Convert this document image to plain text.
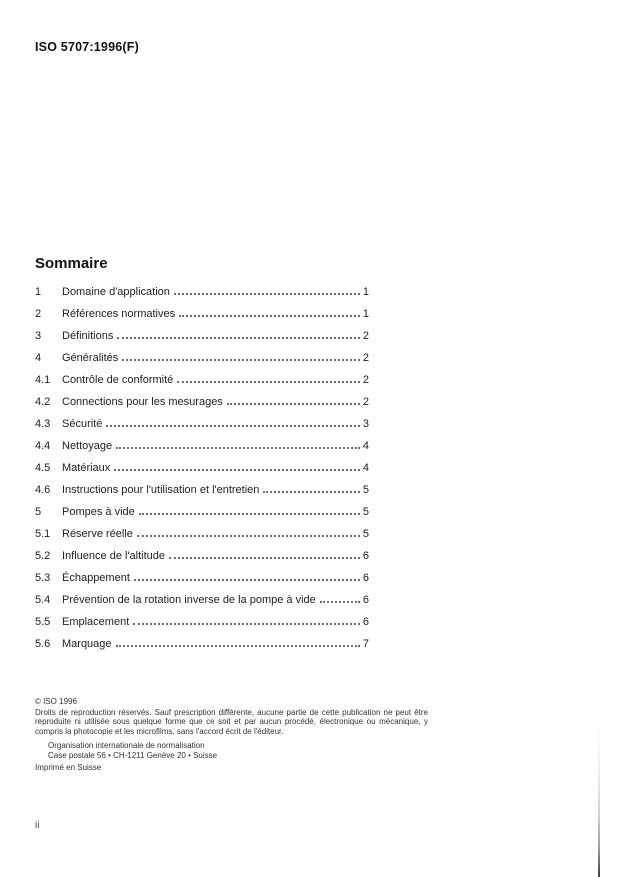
ISO 5707:1996(F)
Sommaire
1	Domaine d'application	1
2	Références normatives	1
3	Définitions	2
4	Généralités	2
4.1	Contrôle de conformité	2
4.2	Connections pour les mesurages	2
4.3	Sécurité	3
4.4	Nettoyage	4
4.5	Matériaux	4
4.6	Instructions pour l'utilisation et l'entretien	5
5	Pompes à vide	5
5.1	Réserve réelle	5
5.2	Influence de l'altitude	6
5.3	Échappement	6
5.4	Prévention de la rotation inverse de la pompe à vide	6
5.5	Emplacement	6
5.6	Marquage	7
© ISO 1996

Droits de reproduction réservés. Sauf prescription différente, aucune partie de cette publication ne peut être reproduite ni utilisée sous quelque forme que ce soit et par aucun procédé, électronique ou mécanique, y compris la photocopie et les microfilms, sans l'accord écrit de l'éditeur.

Organisation internationale de normalisation
Case postale 56 • CH-1211 Genève 20 • Suisse
Imprimé en Suisse
ii
